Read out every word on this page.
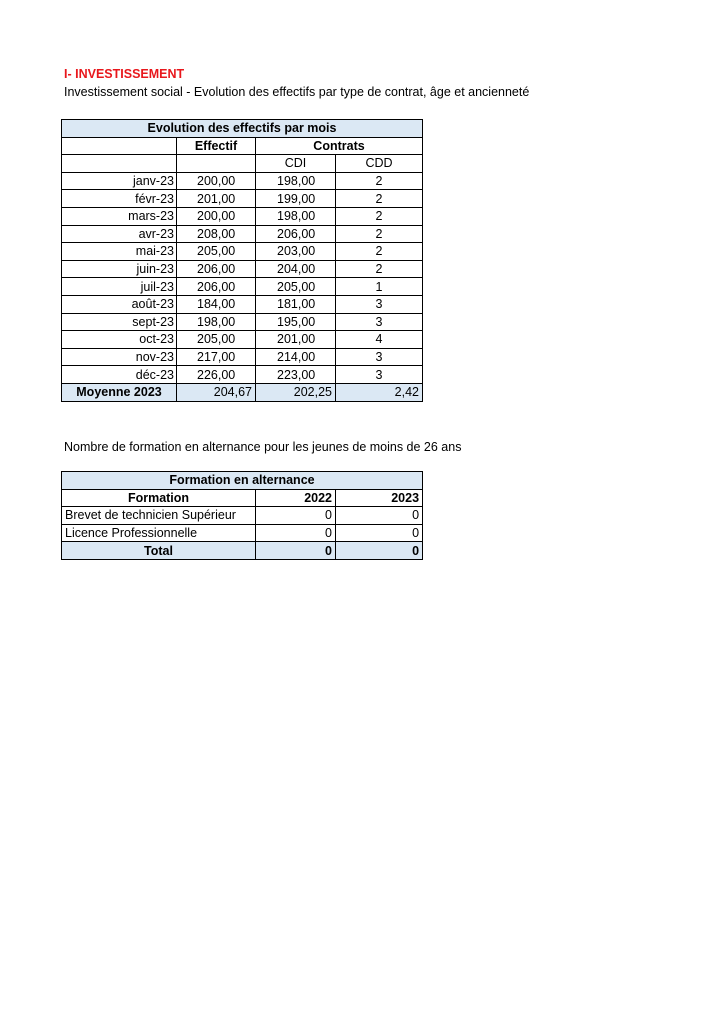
I- INVESTISSEMENT
Investissement social - Evolution des effectifs par type de contrat, âge et ancienneté
Evolution des effectifs par mois			
	Effectif	Contrats	
		CDI	CDD
janv-23	200,00	198,00	2
févr-23	201,00	199,00	2
mars-23	200,00	198,00	2
avr-23	208,00	206,00	2
mai-23	205,00	203,00	2
juin-23	206,00	204,00	2
juil-23	206,00	205,00	1
août-23	184,00	181,00	3
sept-23	198,00	195,00	3
oct-23	205,00	201,00	4
nov-23	217,00	214,00	3
déc-23	226,00	223,00	3
Moyenne 2023	204,67	202,25	2,42
Nombre de formation en alternance pour les jeunes de moins de 26 ans
Formation en alternance		
Formation	2022	2023
Brevet de technicien Supérieur	0	0
Licence Professionnelle	0	0
Total	0	0
